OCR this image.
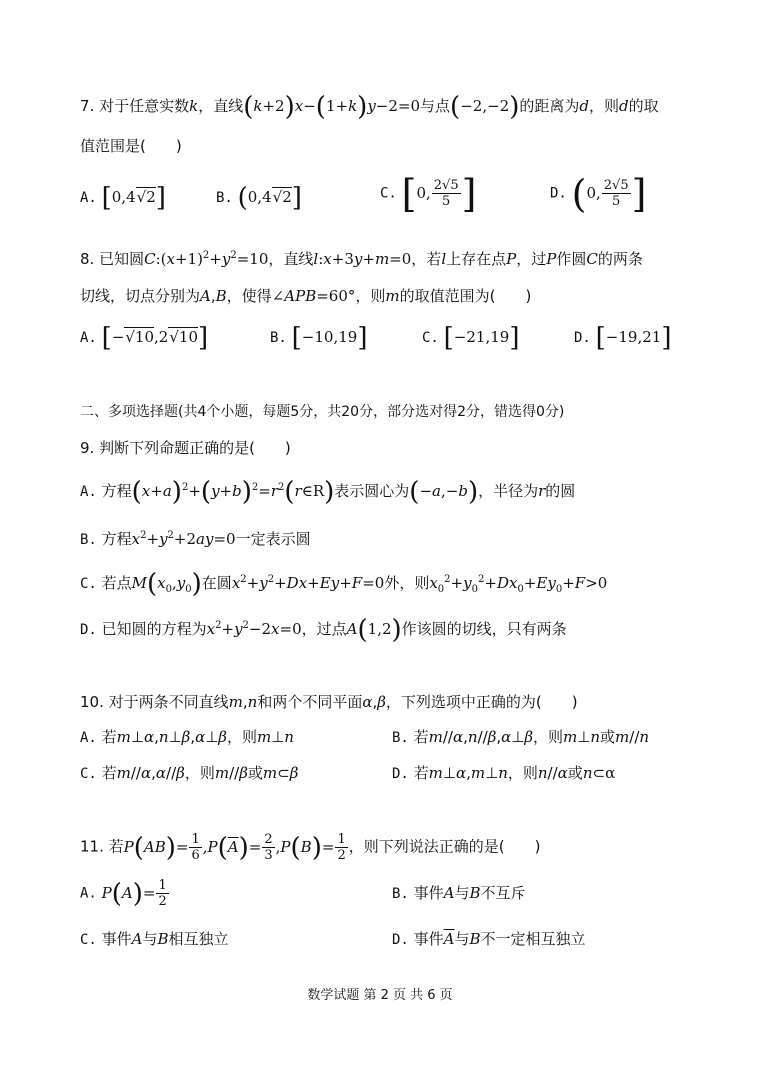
7. 对于任意实数k，直线(k+2)x−(1+k)y−2=0与点(−2,−2)的距离为d，则d的取
值范围是(　　)
A. [0,4√2]	B. (0,4√2]	C. [0, $\frac{2√5}{5}$ ]	D. (0, $\frac{2√5}{5}$ ]
8. 已知圆$C:(x+1)^2+y^2=10$，直线l:x+3y+m=0，若l上存在点P，过P作圆C的两条
切线，切点分别为A,B，使得∠APB=60°，则m的取值范围为(　　)
A. [−√10,2√10]	B. [−10,19]	C. [−21,19]	D. [−19,21]
二、多项选择题(共4个小题，每题5分，共20分，部分选对得2分，错选得0分)
9. 判断下列命题正确的是(　　)
A. 方程$(x+a)^2+(y+b)^2=r^2(r\in R)$表示圆心为(−a,−b)，半径为r的圆
B. 方程$x^2+y^2+2ay=0$一定表示圆
C. 若点$M(x_0,y_0)$在圆$x^2+y^2+Dx+Ey+F=0$外，则$x_0^2+y_0^2+Dx_0+Ey_0+F>0$
D. 已知圆的方程为$x^2+y^2-2x=0$，过点A(1,2)作该圆的切线，只有两条
10. 对于两条不同直线m,n和两个不同平面α,β，下列选项中正确的为(　　)
A. 若m⊥α,n⊥β,α⊥β，则m⊥n	B. 若m//α,n//β,α⊥β，则m⊥n或m//n
C. 若m//α,α//β，则m//β或m⊂β	D. 若m⊥α,m⊥n，则n//α或n⊂α
11. 若$P(AB)= \frac{1}{6} ,P(\overline{A})= \frac{2}{3} ,P(B)= \frac{1}{2}$ ，则下列说法正确的是(　　)
A. $P(A)= \frac{1}{2}$	B. 事件A与B不互斥
C. 事件A与B相互独立	D. 事件$\overline{A}$与B不一定相互独立
数学试题 第 2 页 共 6 页
